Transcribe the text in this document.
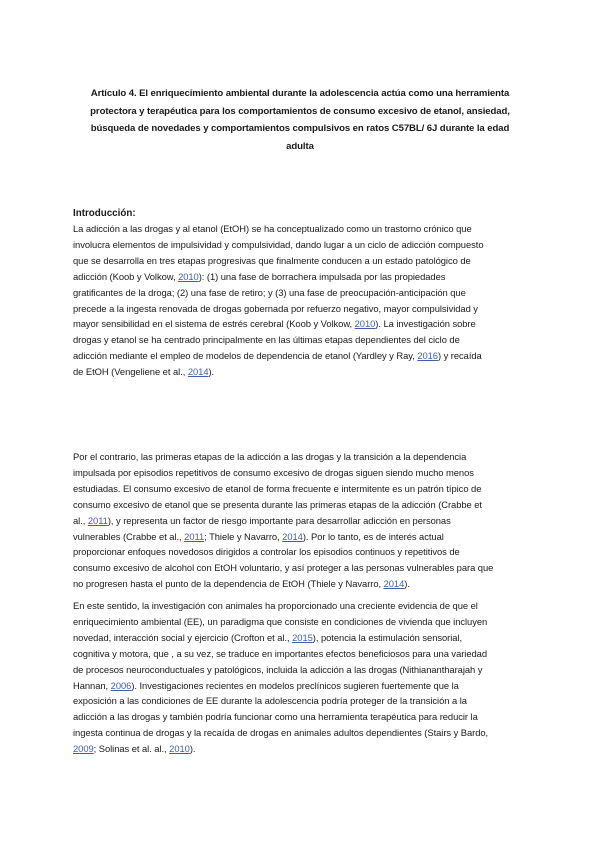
Artículo 4. El enriquecimiento ambiental durante la adolescencia actúa como una herramienta
protectora y terapéutica para los comportamientos de consumo excesivo de etanol, ansiedad,
búsqueda de novedades y comportamientos compulsivos en ratos C57BL/ 6J durante la edad
adulta
Introducción:
La adicción a las drogas y al etanol (EtOH) se ha conceptualizado como un trastorno crónico que
involucra elementos de impulsividad y compulsividad, dando lugar a un ciclo de adicción compuesto
que se desarrolla en tres etapas progresivas que finalmente conducen a un estado patológico de
adicción (Koob y Volkow, 2010): (1) una fase de borrachera impulsada por las propiedades
gratificantes de la droga; (2) una fase de retiro; y (3) una fase de preocupación-anticipación que
precede a la ingesta renovada de drogas gobernada por refuerzo negativo, mayor compulsividad y
mayor sensibilidad en el sistema de estrés cerebral (Koob y Volkow, 2010). La investigación sobre
drogas y etanol se ha centrado principalmente en las últimas etapas dependientes del ciclo de
adicción mediante el empleo de modelos de dependencia de etanol (Yardley y Ray, 2016) y recaída
de EtOH (Vengeliene et al., 2014).
Por el contrario, las primeras etapas de la adicción a las drogas y la transición a la dependencia
impulsada por episodios repetitivos de consumo excesivo de drogas siguen siendo mucho menos
estudiadas. El consumo excesivo de etanol de forma frecuente e intermitente es un patrón típico de
consumo excesivo de etanol que se presenta durante las primeras etapas de la adicción (Crabbe et
al., 2011), y representa un factor de riesgo importante para desarrollar adicción en personas
vulnerables (Crabbe et al., 2011; Thiele y Navarro, 2014). Por lo tanto, es de interés actual
proporcionar enfoques novedosos dirigidos a controlar los episodios continuos y repetitivos de
consumo excesivo de alcohol con EtOH voluntario, y así proteger a las personas vulnerables para que
no progresen hasta el punto de la dependencia de EtOH (Thiele y Navarro, 2014).
En este sentido, la investigación con animales ha proporcionado una creciente evidencia de que el
enriquecimiento ambiental (EE), un paradigma que consiste en condiciones de vivienda que incluyen
novedad, interacción social y ejercicio (Crofton et al., 2015), potencia la estimulación sensorial,
cognitiva y motora, que , a su vez, se traduce en importantes efectos beneficiosos para una variedad
de procesos neuroconductuales y patológicos, incluida la adicción a las drogas (Nithianantharajah y
Hannan, 2006). Investigaciones recientes en modelos preclínicos sugieren fuertemente que la
exposición a las condiciones de EE durante la adolescencia podría proteger de la transición a la
adicción a las drogas y también podría funcionar como una herramienta terapéutica para reducir la
ingesta continua de drogas y la recaída de drogas en animales adultos dependientes (Stairs y Bardo,
2009; Solinas et al. al., 2010).
